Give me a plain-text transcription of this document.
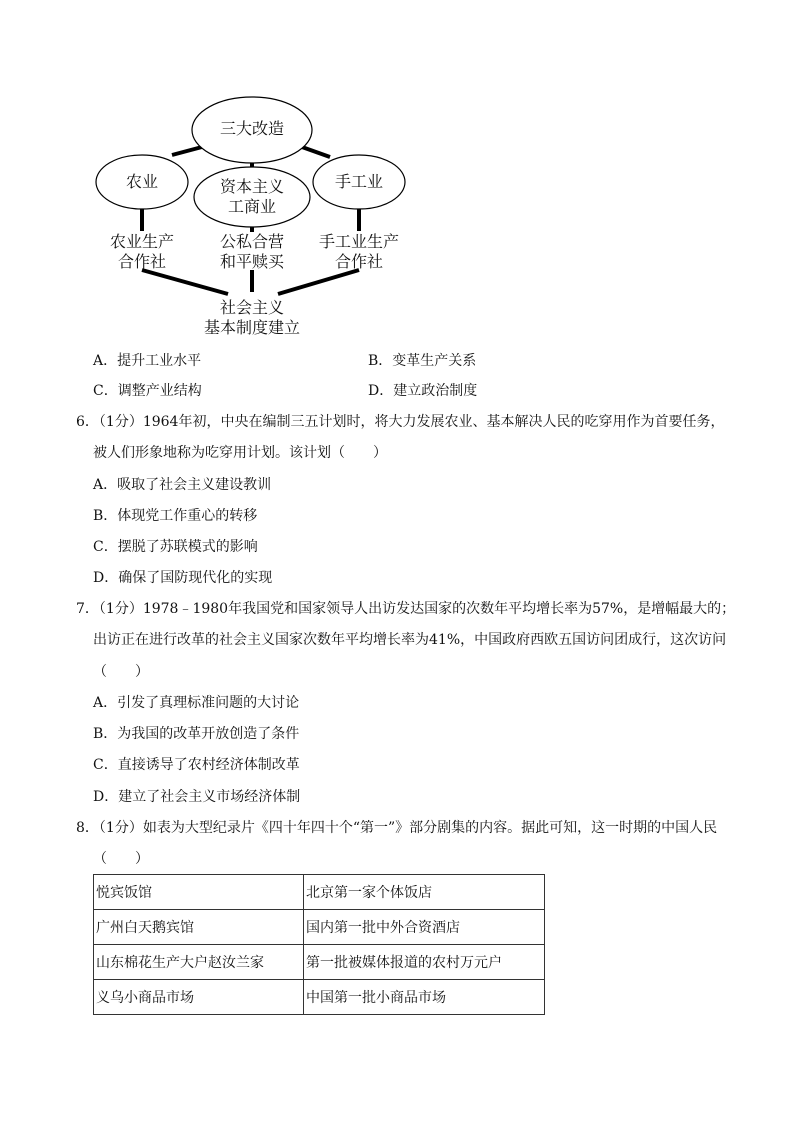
三大改造
农业	手工业
资本主义
工商业
农业生产
合作社
公私合营
和平赎买
手工业生产
合作社
社会主义
基本制度建立
A．提升工业水平	B．变革生产关系
C．调整产业结构	D．建立政治制度
6．（1分）1964年初，中央在编制三五计划时，将大力发展农业、基本解决人民的吃穿用作为首要任务，
被人们形象地称为吃穿用计划。该计划（　　）
A．吸取了社会主义建设教训
B．体现党工作重心的转移
C．摆脱了苏联模式的影响
D．确保了国防现代化的实现
7．（1分）1978﹣1980年我国党和国家领导人出访发达国家的次数年平均增长率为57%，是增幅最大的；
出访正在进行改革的社会主义国家次数年平均增长率为41%，中国政府西欧五国访问团成行，这次访问
（　　）
A．引发了真理标准问题的大讨论
B．为我国的改革开放创造了条件
C．直接诱导了农村经济体制改革
D．建立了社会主义市场经济体制
8．（1分）如表为大型纪录片《四十年四十个“第一”》部分剧集的内容。据此可知，这一时期的中国人民
（　　）
悦宾饭馆	北京第一家个体饭店
广州白天鹅宾馆	国内第一批中外合资酒店
山东棉花生产大户赵汝兰家	第一批被媒体报道的农村万元户
义乌小商品市场	中国第一批小商品市场
